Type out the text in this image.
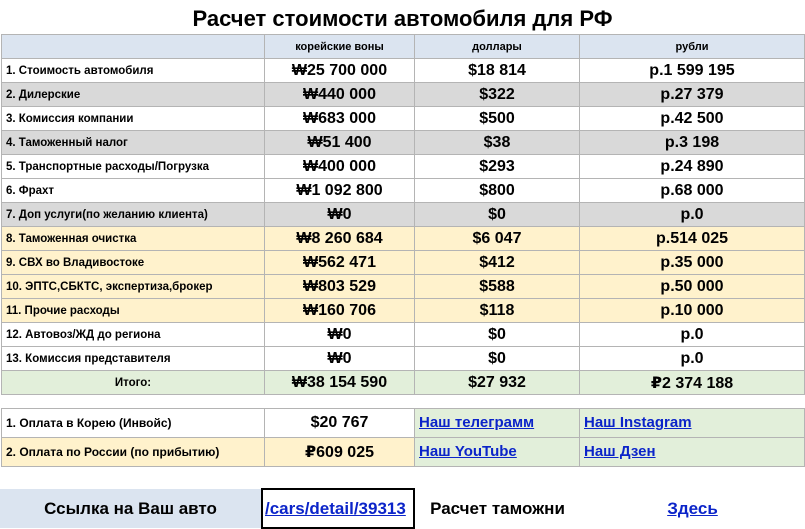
Расчет стоимости автомобиля для РФ
	корейские воны	доллары	рубли
1. Стоимость автомобиля	₩25 700 000	$18 814	р.1 599 195
2. Дилерские	₩440 000	$322	р.27 379
3. Комиссия компании	₩683 000	$500	р.42 500
4. Таможенный налог	₩51 400	$38	р.3 198
5. Транспортные расходы/Погрузка	₩400 000	$293	р.24 890
6. Фрахт	₩1 092 800	$800	р.68 000
7. Доп услуги(по желанию клиента)	₩0	$0	р.0
8. Таможенная очистка	₩8 260 684	$6 047	р.514 025
9. СВХ во Владивостоке	₩562 471	$412	р.35 000
10. ЭПТС,СБКТС, экспертиза,брокер	₩803 529	$588	р.50 000
11. Прочие расходы	₩160 706	$118	р.10 000
12. Автовоз/ЖД до региона	₩0	$0	р.0
13. Комиссия представителя	₩0	$0	р.0
Итого:	₩38 154 590	$27 932	₽2 374 188
1. Оплата в Корею (Инвойс)	$20 767	Наш телеграмм	Наш Instagram
2. Оплата по России (по прибытию)	₽609 025	Наш YouTube	Наш Дзен
Ссылка на Ваш авто	/cars/detail/39313	Расчет таможни	Здесь
